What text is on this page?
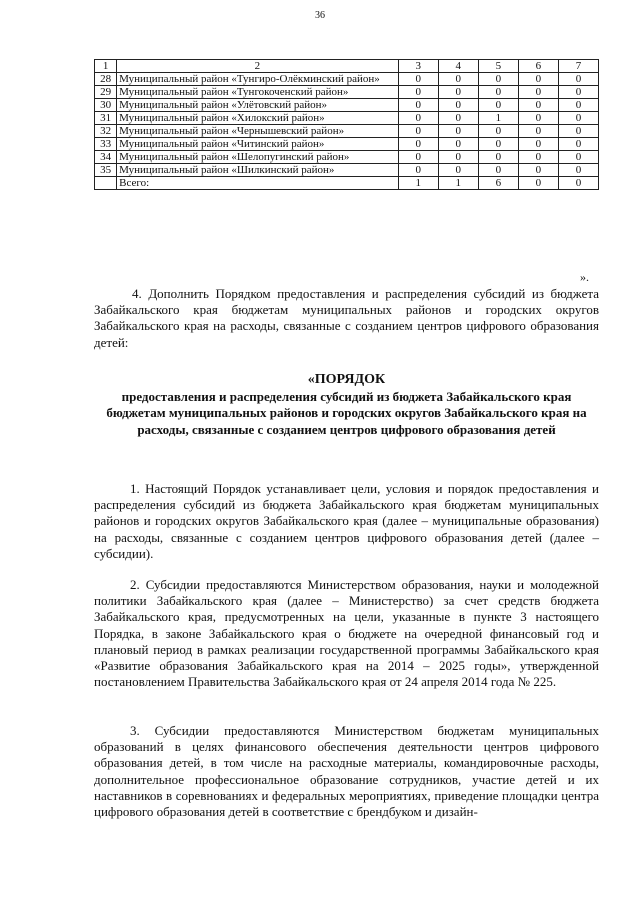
36
1	2	3	4	5	6	7
28	Муниципальный район «Тунгиро-Олёкминский район»	0	0	0	0	0
29	Муниципальный район «Тунгокоченский район»	0	0	0	0	0
30	Муниципальный район «Улётовский район»	0	0	0	0	0
31	Муниципальный район «Хилокский район»	0	0	1	0	0
32	Муниципальный район «Чернышевский район»	0	0	0	0	0
33	Муниципальный район «Читинский район»	0	0	0	0	0
34	Муниципальный район «Шелопугинский район»	0	0	0	0	0
35	Муниципальный район «Шилкинский район»	0	0	0	0	0
	Всего:	1	1	6	0	0
».
4. Дополнить Порядком предоставления и распределения субсидий из бюджета Забайкальского края бюджетам муниципальных районов и городских округов Забайкальского края на расходы, связанные с созданием центров цифрового образования детей:
«ПОРЯДОК
предоставления и распределения субсидий из бюджета Забайкальского края бюджетам муниципальных районов и городских округов Забайкальского края на расходы, связанные с созданием центров цифрового образования детей
1. Настоящий Порядок устанавливает цели, условия и порядок предоставления и распределения субсидий из бюджета Забайкальского края бюджетам муниципальных районов и городских округов Забайкальского края (далее – муниципальные образования) на расходы, связанные с созданием центров цифрового образования детей (далее – субсидии).
2. Субсидии предоставляются Министерством образования, науки и молодежной политики Забайкальского края (далее – Министерство) за счет средств бюджета Забайкальского края, предусмотренных на цели, указанные в пункте 3 настоящего Порядка, в законе Забайкальского края о бюджете на очередной финансовый год и плановый период в рамках реализации государственной программы Забайкальского края «Развитие образования Забайкальского края на 2014 – 2025 годы», утвержденной постановлением Правительства Забайкальского края от 24 апреля 2014 года № 225.
3. Субсидии предоставляются Министерством бюджетам муниципальных образований в целях финансового обеспечения деятельности центров цифрового образования детей, в том числе на расходные материалы, командировочные расходы, дополнительное профессиональное образование сотрудников, участие детей и их наставников в соревнованиях и федеральных мероприятиях, приведение площадки центра цифрового образования детей в соответствие с брендбуком и дизайн-
